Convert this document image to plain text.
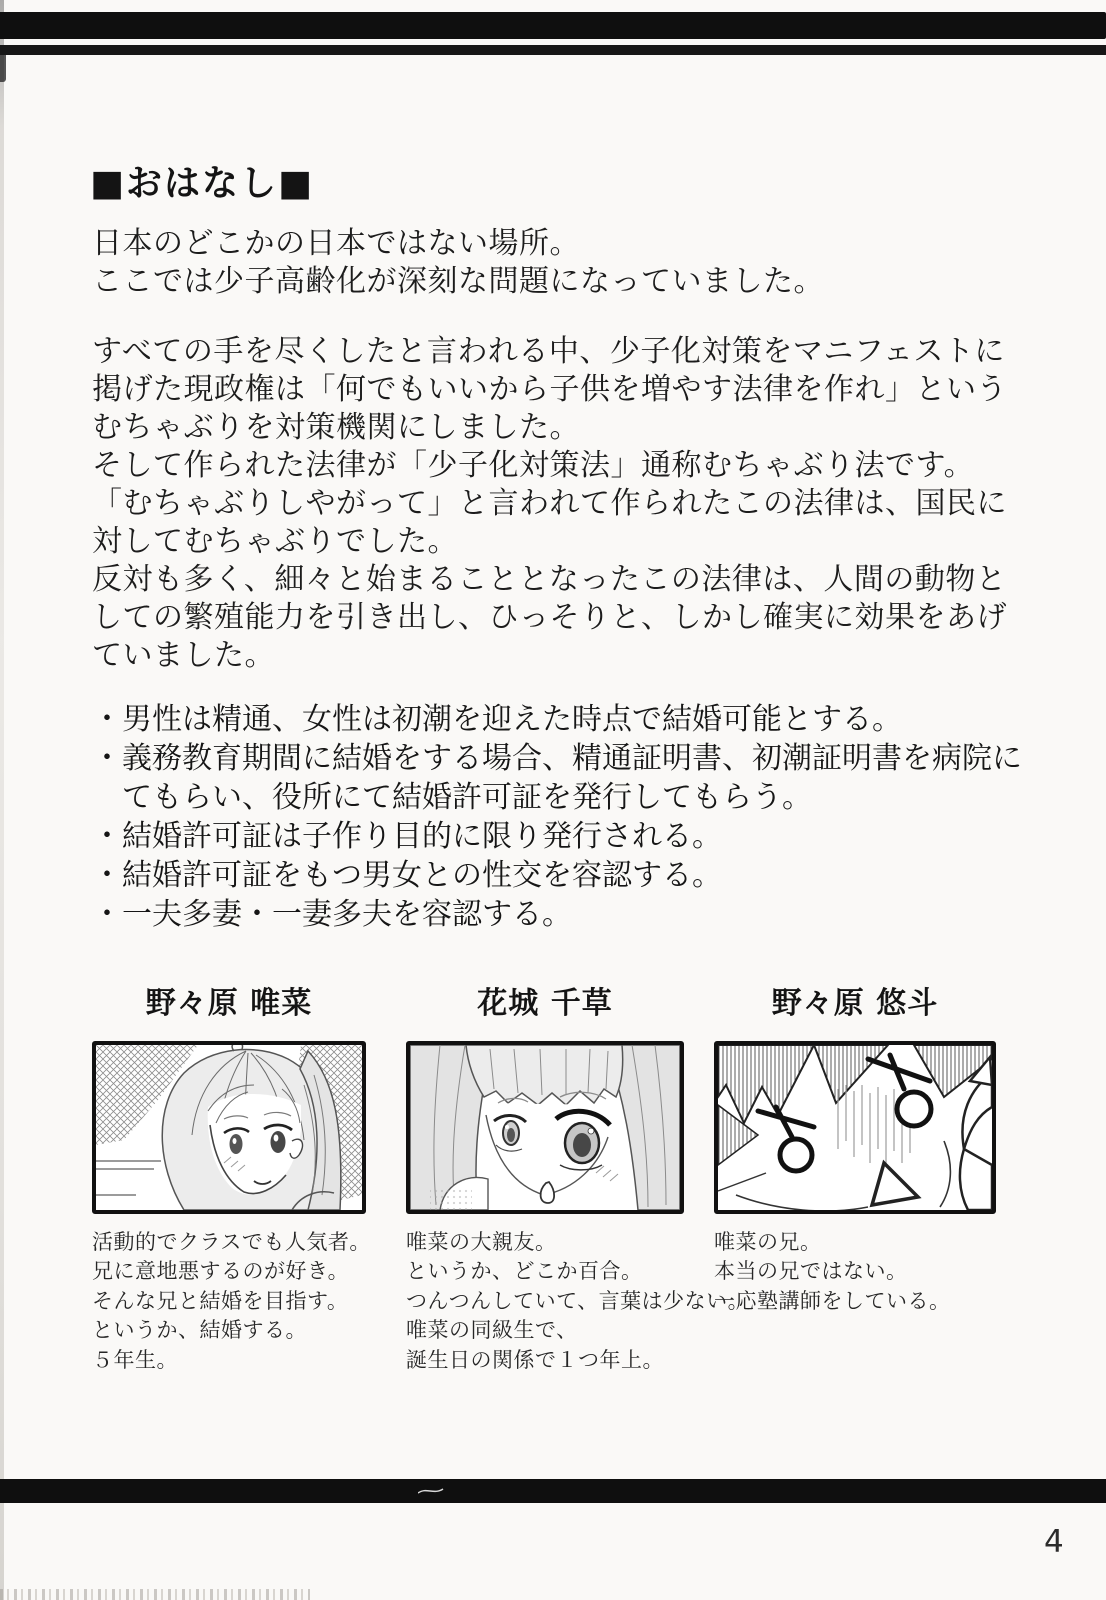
■おはなし■
日本のどこかの日本ではない場所。
ここでは少子高齢化が深刻な問題になっていました。
すべての手を尽くしたと言われる中、少子化対策をマニフェストに
掲げた現政権は「何でもいいから子供を増やす法律を作れ」という
むちゃぶりを対策機関にしました。
そして作られた法律が「少子化対策法」通称むちゃぶり法です。
「むちゃぶりしやがって」と言われて作られたこの法律は、国民に
対してむちゃぶりでした。
反対も多く、細々と始まることとなったこの法律は、人間の動物と
しての繁殖能力を引き出し、ひっそりと、しかし確実に効果をあげ
ていました。
・男性は精通、女性は初潮を迎えた時点で結婚可能とする。
・義務教育期間に結婚をする場合、精通証明書、初潮証明書を病院にてもらい、役所にて結婚許可証を発行してもらう。
・結婚許可証は子作り目的に限り発行される。
・結婚許可証をもつ男女との性交を容認する。
・一夫多妻・一妻多夫を容認する。
野々原 唯菜
活動的でクラスでも人気者。
兄に意地悪するのが好き。
そんな兄と結婚を目指す。
というか、結婚する。
５年生。
花城 千草
唯菜の大親友。
というか、どこか百合。
つんつんしていて、言葉は少ない。
唯菜の同級生で、
誕生日の関係で１つ年上。
野々原 悠斗
唯菜の兄。
本当の兄ではない。
一応塾講師をしている。
4
